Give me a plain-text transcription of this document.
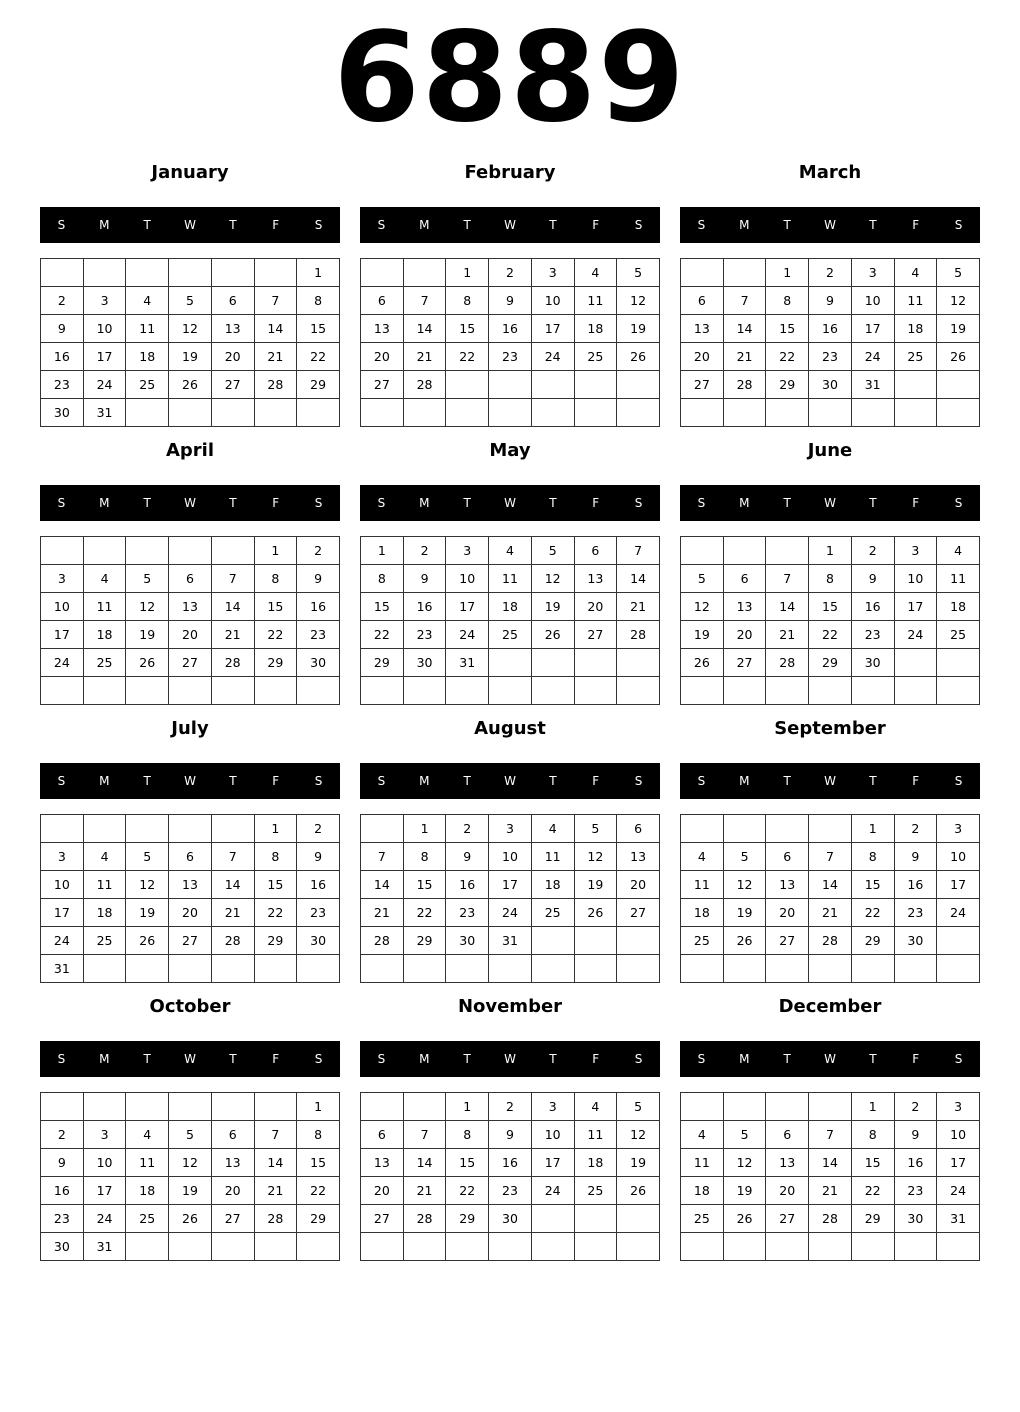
6889
January
S	M	T	W	T	F	S
						1
2	3	4	5	6	7	8
9	10	11	12	13	14	15
16	17	18	19	20	21	22
23	24	25	26	27	28	29
30	31					
February
S	M	T	W	T	F	S
		1	2	3	4	5
6	7	8	9	10	11	12
13	14	15	16	17	18	19
20	21	22	23	24	25	26
27	28					

March
S	M	T	W	T	F	S
		1	2	3	4	5
6	7	8	9	10	11	12
13	14	15	16	17	18	19
20	21	22	23	24	25	26
27	28	29	30	31		

April
S	M	T	W	T	F	S
					1	2
3	4	5	6	7	8	9
10	11	12	13	14	15	16
17	18	19	20	21	22	23
24	25	26	27	28	29	30

May
S	M	T	W	T	F	S
1	2	3	4	5	6	7
8	9	10	11	12	13	14
15	16	17	18	19	20	21
22	23	24	25	26	27	28
29	30	31				

June
S	M	T	W	T	F	S
			1	2	3	4
5	6	7	8	9	10	11
12	13	14	15	16	17	18
19	20	21	22	23	24	25
26	27	28	29	30		

July
S	M	T	W	T	F	S
					1	2
3	4	5	6	7	8	9
10	11	12	13	14	15	16
17	18	19	20	21	22	23
24	25	26	27	28	29	30
31						
August
S	M	T	W	T	F	S
	1	2	3	4	5	6
7	8	9	10	11	12	13
14	15	16	17	18	19	20
21	22	23	24	25	26	27
28	29	30	31			

September
S	M	T	W	T	F	S
				1	2	3
4	5	6	7	8	9	10
11	12	13	14	15	16	17
18	19	20	21	22	23	24
25	26	27	28	29	30	

October
S	M	T	W	T	F	S
						1
2	3	4	5	6	7	8
9	10	11	12	13	14	15
16	17	18	19	20	21	22
23	24	25	26	27	28	29
30	31					
November
S	M	T	W	T	F	S
		1	2	3	4	5
6	7	8	9	10	11	12
13	14	15	16	17	18	19
20	21	22	23	24	25	26
27	28	29	30			

December
S	M	T	W	T	F	S
				1	2	3
4	5	6	7	8	9	10
11	12	13	14	15	16	17
18	19	20	21	22	23	24
25	26	27	28	29	30	31
